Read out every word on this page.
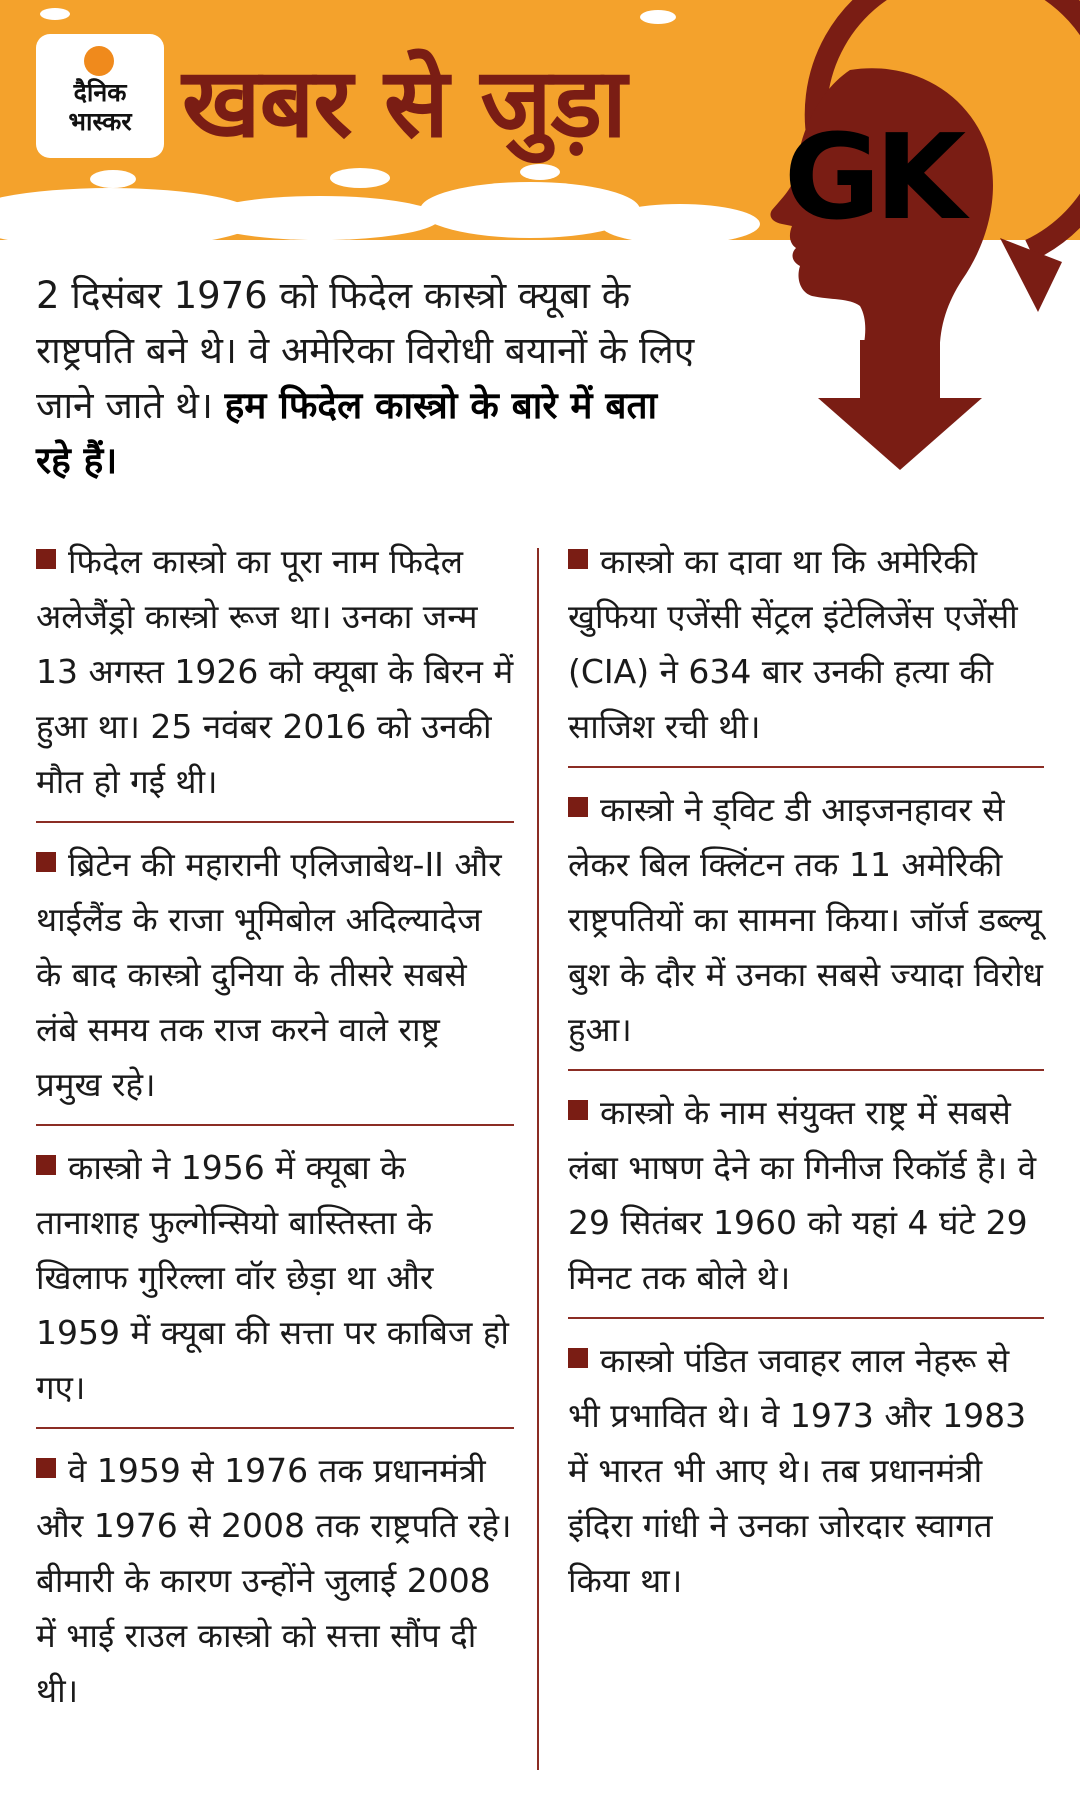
दैनिक
भास्कर खबर से जुड़ा
GK
2 दिसंबर 1976 को फिदेल कास्त्रो क्यूबा के राष्ट्रपति बने थे। वे अमेरिका विरोधी बयानों के लिए जाने जाते थे। हम फिदेल कास्त्रो के बारे में बता रहे हैं।
फिदेल कास्त्रो का पूरा नाम फिदेल अलेजैंड्रो कास्त्रो रूज था। उनका जन्म 13 अगस्त 1926 को क्यूबा के बिरन में हुआ था। 25 नवंबर 2016 को उनकी मौत हो गई थी।
ब्रिटेन की महारानी एलिजाबेथ-II और थाईलैंड के राजा भूमिबोल अदिल्यादेज के बाद कास्त्रो दुनिया के तीसरे सबसे लंबे समय तक राज करने वाले राष्ट्र प्रमुख रहे।
कास्त्रो ने 1956 में क्यूबा के तानाशाह फुल्गेन्सियो बास्तिस्ता के खिलाफ गुरिल्ला वॉर छेड़ा था और 1959 में क्यूबा की सत्ता पर काबिज हो गए।
वे 1959 से 1976 तक प्रधानमंत्री और 1976 से 2008 तक राष्ट्रपति रहे। बीमारी के कारण उन्होंने जुलाई 2008 में भाई राउल कास्त्रो को सत्ता सौंप दी थी।
कास्त्रो का दावा था कि अमेरिकी खुफिया एजेंसी सेंट्रल इंटेलिजेंस एजेंसी (CIA) ने 634 बार उनकी हत्या की साजिश रची थी।
कास्त्रो ने ड्विट डी आइजनहावर से लेकर बिल क्लिंटन तक 11 अमेरिकी राष्ट्रपतियों का सामना किया। जॉर्ज डब्ल्यू बुश के दौर में उनका सबसे ज्यादा विरोध हुआ।
कास्त्रो के नाम संयुक्त राष्ट्र में सबसे लंबा भाषण देने का गिनीज रिकॉर्ड है। वे 29 सितंबर 1960 को यहां 4 घंटे 29 मिनट तक बोले थे।
कास्त्रो पंडित जवाहर लाल नेहरू से भी प्रभावित थे। वे 1973 और 1983 में भारत भी आए थे। तब प्रधानमंत्री इंदिरा गांधी ने उनका जोरदार स्वागत किया था।
